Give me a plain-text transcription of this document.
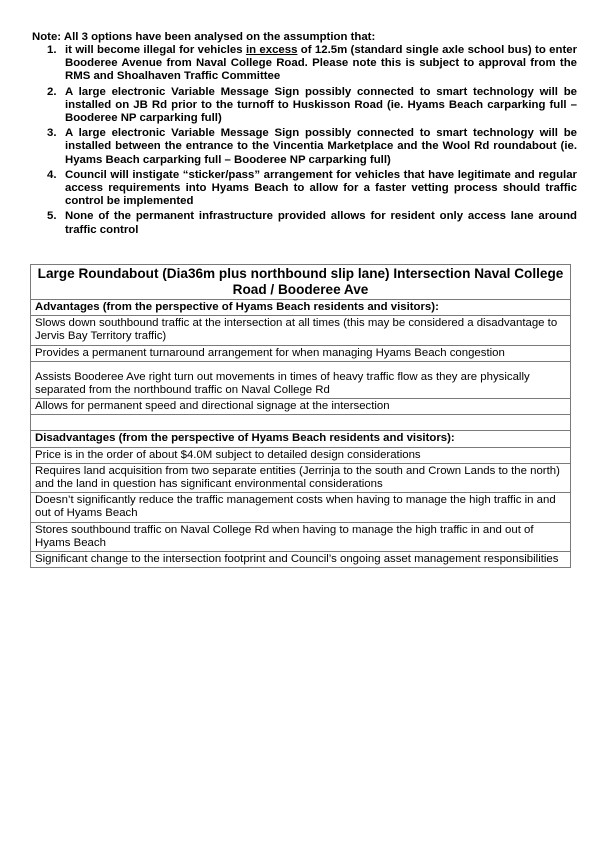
Note: All 3 options have been analysed on the assumption that:
1. it will become illegal for vehicles in excess of 12.5m (standard single axle school bus) to enter Booderee Avenue from Naval College Road. Please note this is subject to approval from the RMS and Shoalhaven Traffic Committee
2. A large electronic Variable Message Sign possibly connected to smart technology will be installed on JB Rd prior to the turnoff to Huskisson Road (ie. Hyams Beach carparking full – Booderee NP carparking full)
3. A large electronic Variable Message Sign possibly connected to smart technology will be installed between the entrance to the Vincentia Marketplace and the Wool Rd roundabout (ie. Hyams Beach carparking full – Booderee NP carparking full)
4. Council will instigate “sticker/pass” arrangement for vehicles that have legitimate and regular access requirements into Hyams Beach to allow for a faster vetting process should traffic control be implemented
5. None of the permanent infrastructure provided allows for resident only access lane around traffic control
Large Roundabout (Dia36m plus northbound slip lane) Intersection Naval College Road / Booderee Ave
Advantages (from the perspective of Hyams Beach residents and visitors):
Slows down southbound traffic at the intersection at all times (this may be considered a disadvantage to Jervis Bay Territory traffic)
Provides a permanent turnaround arrangement for when managing Hyams Beach congestion
Assists Booderee Ave right turn out movements in times of heavy traffic flow as they are physically separated from the northbound traffic on Naval College Rd
Allows for permanent speed and directional signage at the intersection

Disadvantages (from the perspective of Hyams Beach residents and visitors):
Price is in the order of about $4.0M subject to detailed design considerations
Requires land acquisition from two separate entities (Jerrinja to the south and Crown Lands to the north) and the land in question has significant environmental considerations
Doesn’t significantly reduce the traffic management costs when having to manage the high traffic in and out of Hyams Beach
Stores southbound traffic on Naval College Rd when having to manage the high traffic in and out of Hyams Beach
Significant change to the intersection footprint and Council’s ongoing asset management responsibilities
